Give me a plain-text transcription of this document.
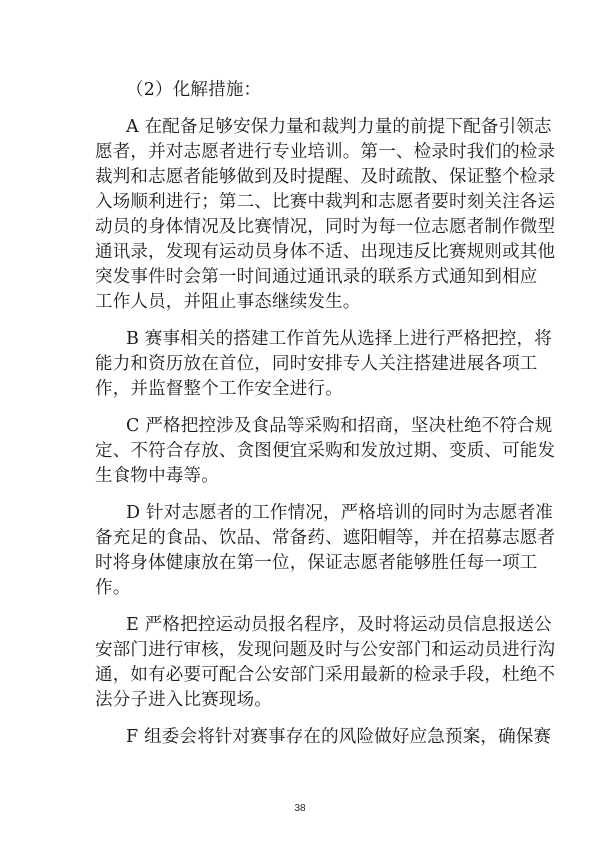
（2）化解措施：
A 在配备足够安保力量和裁判力量的前提下配备引领志
愿者，并对志愿者进行专业培训。第一、检录时我们的检录
裁判和志愿者能够做到及时提醒、及时疏散、保证整个检录
入场顺利进行；第二、比赛中裁判和志愿者要时刻关注各运
动员的身体情况及比赛情况，同时为每一位志愿者制作微型
通讯录，发现有运动员身体不适、出现违反比赛规则或其他
突发事件时会第一时间通过通讯录的联系方式通知到相应
工作人员，并阻止事态继续发生。
B 赛事相关的搭建工作首先从选择上进行严格把控，将
能力和资历放在首位，同时安排专人关注搭建进展各项工
作，并监督整个工作安全进行。
C 严格把控涉及食品等采购和招商，坚决杜绝不符合规
定、不符合存放、贪图便宜采购和发放过期、变质、可能发
生食物中毒等。
D 针对志愿者的工作情况，严格培训的同时为志愿者准
备充足的食品、饮品、常备药、遮阳帽等，并在招募志愿者
时将身体健康放在第一位，保证志愿者能够胜任每一项工
作。
E 严格把控运动员报名程序，及时将运动员信息报送公
安部门进行审核，发现问题及时与公安部门和运动员进行沟
通，如有必要可配合公安部门采用最新的检录手段，杜绝不
法分子进入比赛现场。
F 组委会将针对赛事存在的风险做好应急预案，确保赛
38
